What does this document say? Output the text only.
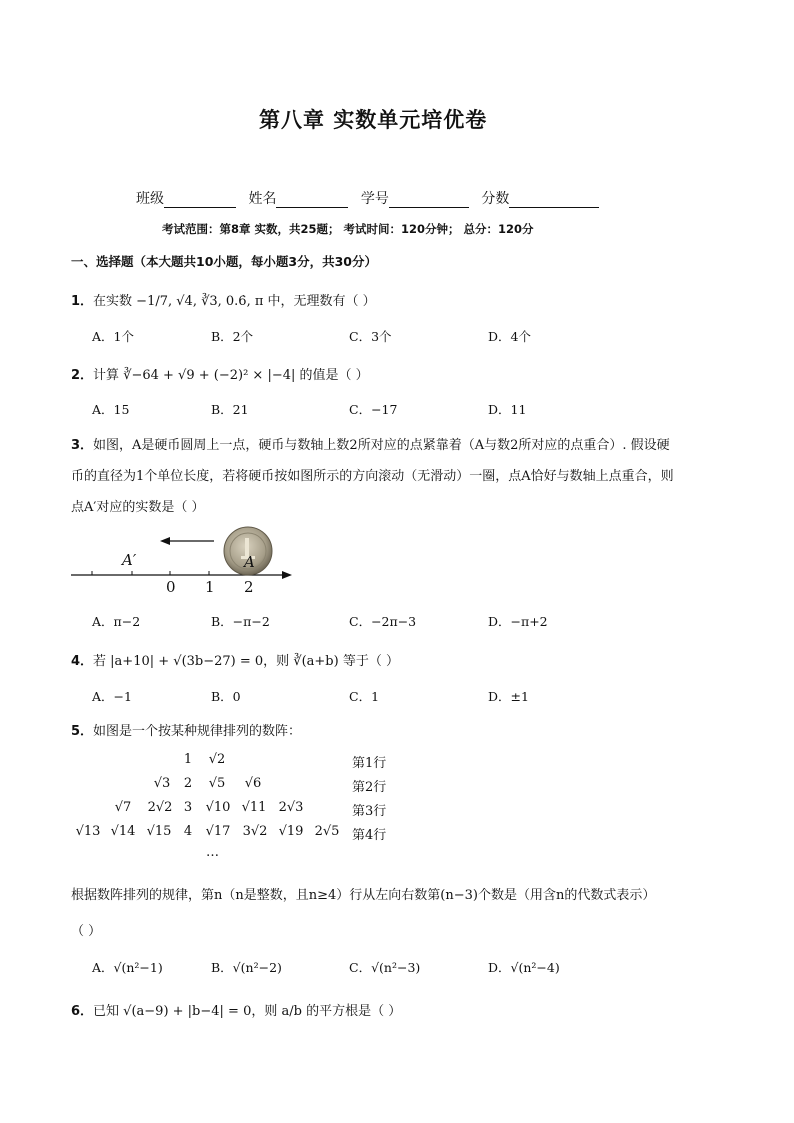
第八章 实数单元培优卷
班级	姓名	学号	分数
考试范围：第8章 实数，共25题； 考试时间：120分钟； 总分：120分
一、选择题（本大题共10小题，每小题3分，共30分）
1．在实数 −1/7, √4, ∛3, 0.6̇, π 中，无理数有（ ）
A．1个	B．2个	C．3个	D．4个
2．计算 ∛−64 + √9 + (−2)² × |−4| 的值是（ ）
A．15	B．21	C．−17	D．11
3．如图，A是硬币圆周上一点，硬币与数轴上数2所对应的点紧靠着（A与数2所对应的点重合）. 假设硬
币的直径为1个单位长度，若将硬币按如图所示的方向滚动（无滑动）一圈，点A恰好与数轴上点重合，则
点A′对应的实数是（ ）
A′	A
0 1 2
A．π−2	B．−π−2	C．−2π−3	D．−π+2
4．若 |a+10| + √(3b−27) = 0，则 ∛(a+b) 等于（ ）
A．−1	B．0	C．1	D．±1
5．如图是一个按某种规律排列的数阵：
1 √2	第1行
√3 2 √5 √6	第2行
√7 2√2 3 √10 √11 2√3	第3行
√13 √14 √15 4 √17 3√2 √19 2√5 第4行
…
根据数阵排列的规律，第n（n是整数，且n≥4）行从左向右数第(n−3)个数是（用含n的代数式表示）
（ ）
A．√(n²−1)	B．√(n²−2)	C．√(n²−3)	D．√(n²−4)
6．已知 √(a−9) + |b−4| = 0，则 a/b 的平方根是（ ）
